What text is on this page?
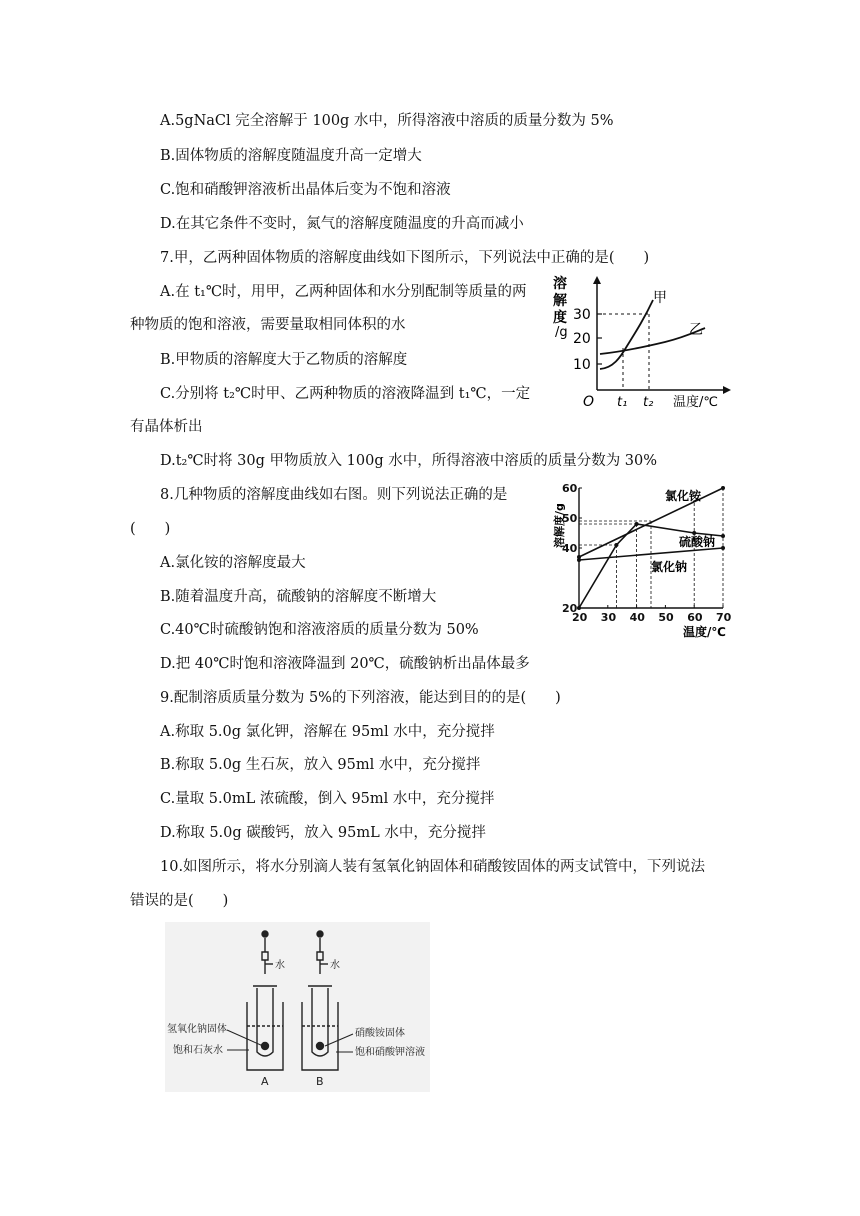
A.5gNaCl 完全溶解于 100g 水中，所得溶液中溶质的质量分数为 5%
B.固体物质的溶解度随温度升高一定增大
C.饱和硝酸钾溶液析出晶体后变为不饱和溶液
D.在其它条件不变时，氮气的溶解度随温度的升高而减小
7.甲，乙两种固体物质的溶解度曲线如下图所示，下列说法中正确的是(　　)
A.在 t₁℃时，用甲，乙两种固体和水分别配制等质量的两
种物质的饱和溶液，需要量取相同体积的水
B.甲物质的溶解度大于乙物质的溶解度
C.分别将 t₂℃时甲、乙两种物质的溶液降温到 t₁℃，一定
有晶体析出
D.t₂℃时将 30g 甲物质放入 100g 水中，所得溶液中溶质的质量分数为 30%
溶
解
度
/g
30
20
10
O t₁ t₂ 温度/℃
甲
乙
8.几种物质的溶解度曲线如右图。则下列说法正确的是
(　　)
A.氯化铵的溶解度最大
B.随着温度升高，硫酸钠的溶解度不断增大
C.40℃时硫酸钠饱和溶液溶质的质量分数为 50%
D.把 40℃时饱和溶液降温到 20℃，硫酸钠析出晶体最多
溶解度/g
温度/℃
氯化铵
硫酸钠
氯化钠
20 30 40 50 60 70
20
40
50
60
9.配制溶质质量分数为 5%的下列溶液，能达到目的的是(　　)
A.称取 5.0g 氯化钾，溶解在 95ml 水中，充分搅拌
B.称取 5.0g 生石灰，放入 95ml 水中，充分搅拌
C.量取 5.0mL 浓硫酸，倒入 95ml 水中，充分搅拌
D.称取 5.0g 碳酸钙，放入 95mL 水中，充分搅拌
10.如图所示，将水分别滴人装有氢氧化钠固体和硝酸铵固体的两支试管中，下列说法
错误的是(　　)
水	水
氢氧化钠固体
饱和石灰水
硝酸铵固体
饱和硝酸钾溶液
A	B
